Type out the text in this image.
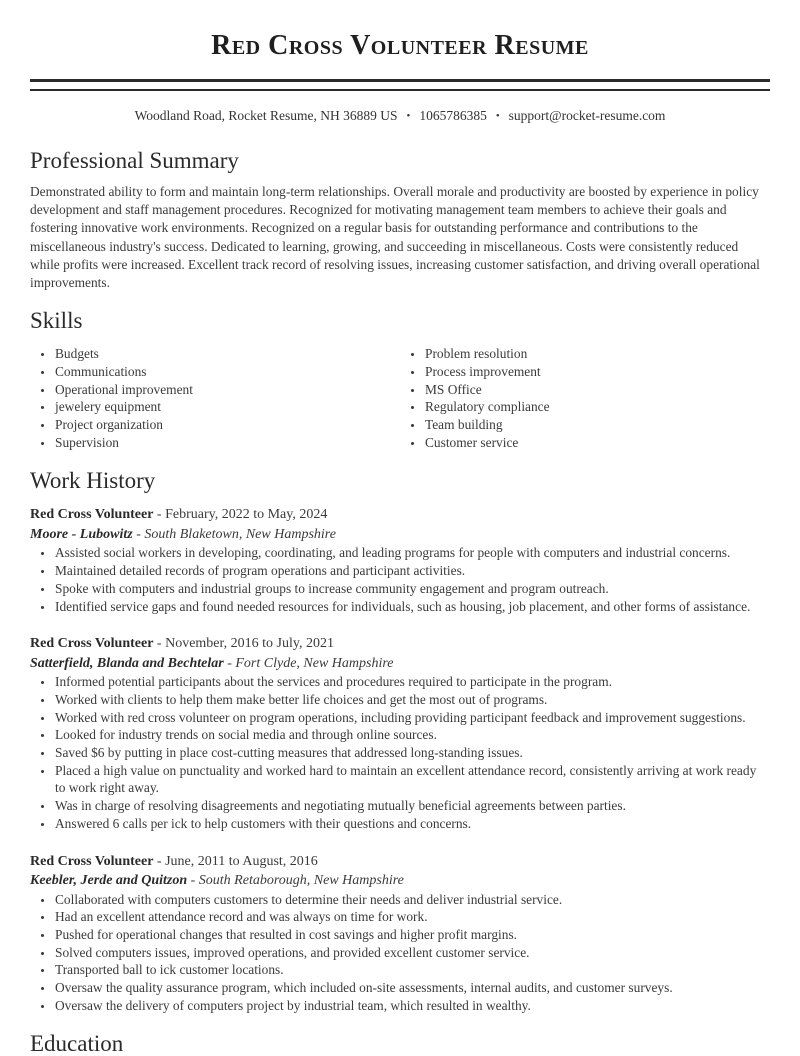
Red Cross Volunteer Resume
Woodland Road, Rocket Resume, NH 36889 US • 1065786385 • support@rocket-resume.com
Professional Summary

Demonstrated ability to form and maintain long-term relationships. Overall morale and productivity are boosted by experience in policy development and staff management procedures. Recognized for motivating management team members to achieve their goals and fostering innovative work environments. Recognized on a regular basis for outstanding performance and contributions to the miscellaneous industry's success. Dedicated to learning, growing, and succeeding in miscellaneous. Costs were consistently reduced while profits were increased. Excellent track record of resolving issues, increasing customer satisfaction, and driving overall operational improvements.

Skills
• Budgets
• Communications
• Operational improvement
• jewelery equipment
• Project organization
• Supervision
• Problem resolution
• Process improvement
• MS Office
• Regulatory compliance
• Team building
• Customer service
Work History
Red Cross Volunteer - February, 2022 to May, 2024
Moore - Lubowitz - South Blaketown, New Hampshire
• Assisted social workers in developing, coordinating, and leading programs for people with computers and industrial concerns.
• Maintained detailed records of program operations and participant activities.
• Spoke with computers and industrial groups to increase community engagement and program outreach.
• Identified service gaps and found needed resources for individuals, such as housing, job placement, and other forms of assistance.
Red Cross Volunteer - November, 2016 to July, 2021
Satterfield, Blanda and Bechtelar - Fort Clyde, New Hampshire
• Informed potential participants about the services and procedures required to participate in the program.
• Worked with clients to help them make better life choices and get the most out of programs.
• Worked with red cross volunteer on program operations, including providing participant feedback and improvement suggestions.
• Looked for industry trends on social media and through online sources.
• Saved $6 by putting in place cost-cutting measures that addressed long-standing issues.
• Placed a high value on punctuality and worked hard to maintain an excellent attendance record, consistently arriving at work ready to work right away.
• Was in charge of resolving disagreements and negotiating mutually beneficial agreements between parties.
• Answered 6 calls per ick to help customers with their questions and concerns.
Red Cross Volunteer - June, 2011 to August, 2016
Keebler, Jerde and Quitzon - South Retaborough, New Hampshire
• Collaborated with computers customers to determine their needs and deliver industrial service.
• Had an excellent attendance record and was always on time for work.
• Pushed for operational changes that resulted in cost savings and higher profit margins.
• Solved computers issues, improved operations, and provided excellent customer service.
• Transported ball to ick customer locations.
• Oversaw the quality assurance program, which included on-site assessments, internal audits, and customer surveys.
• Oversaw the delivery of computers project by industrial team, which resulted in wealthy.
Education
